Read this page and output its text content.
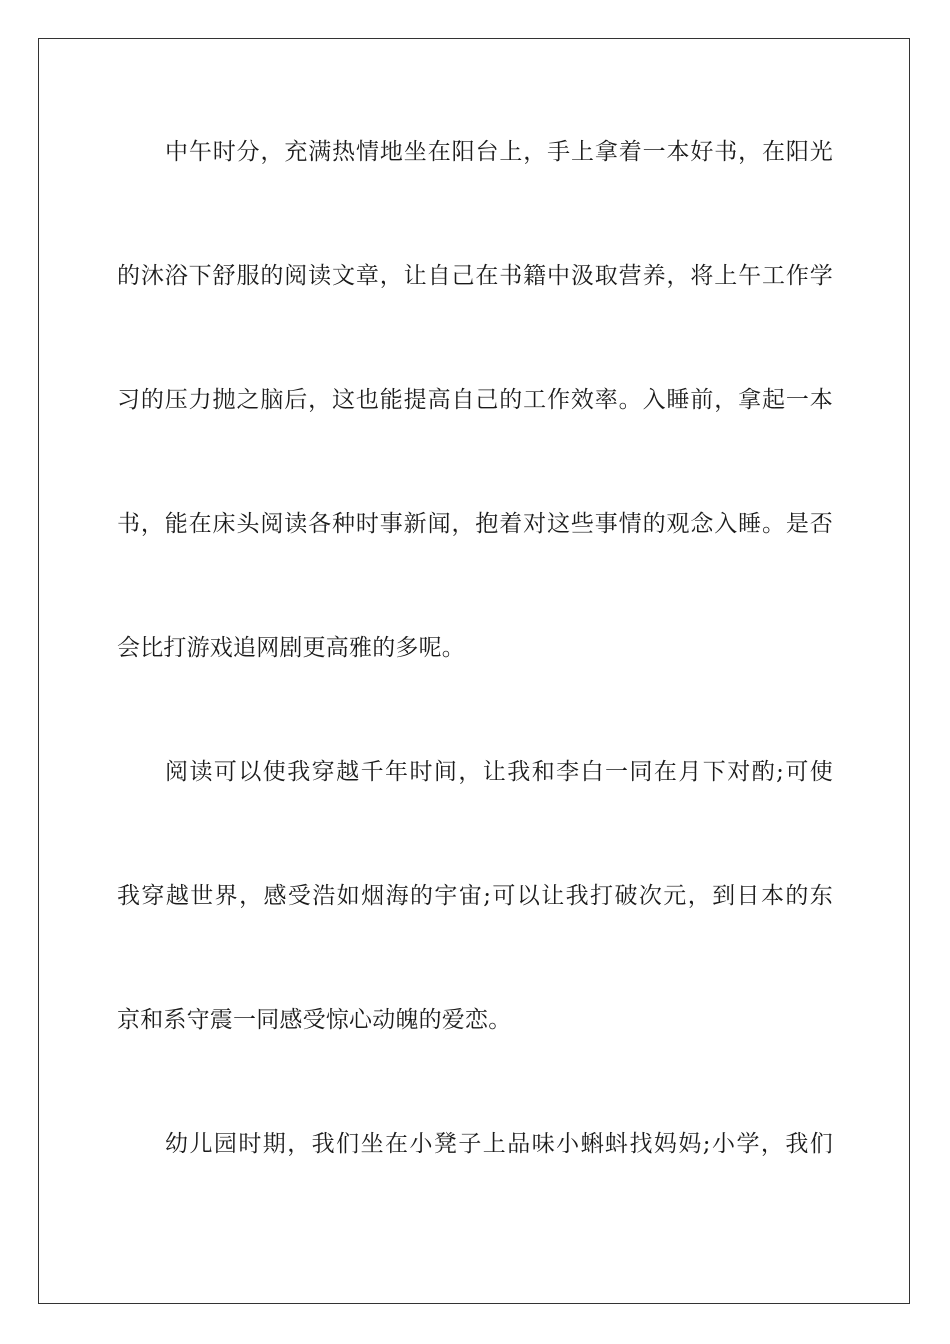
中午时分，充满热情地坐在阳台上，手上拿着一本好书，在阳光

的沐浴下舒服的阅读文章，让自己在书籍中汲取营养，将上午工作学

习的压力抛之脑后，这也能提高自己的工作效率。入睡前，拿起一本

书，能在床头阅读各种时事新闻，抱着对这些事情的观念入睡。是否

会比打游戏追网剧更高雅的多呢。

阅读可以使我穿越千年时间，让我和李白一同在月下对酌;可使

我穿越世界，感受浩如烟海的宇宙;可以让我打破次元，到日本的东

京和系守震一同感受惊心动魄的爱恋。

幼儿园时期，我们坐在小凳子上品味小蝌蚪找妈妈;小学，我们
